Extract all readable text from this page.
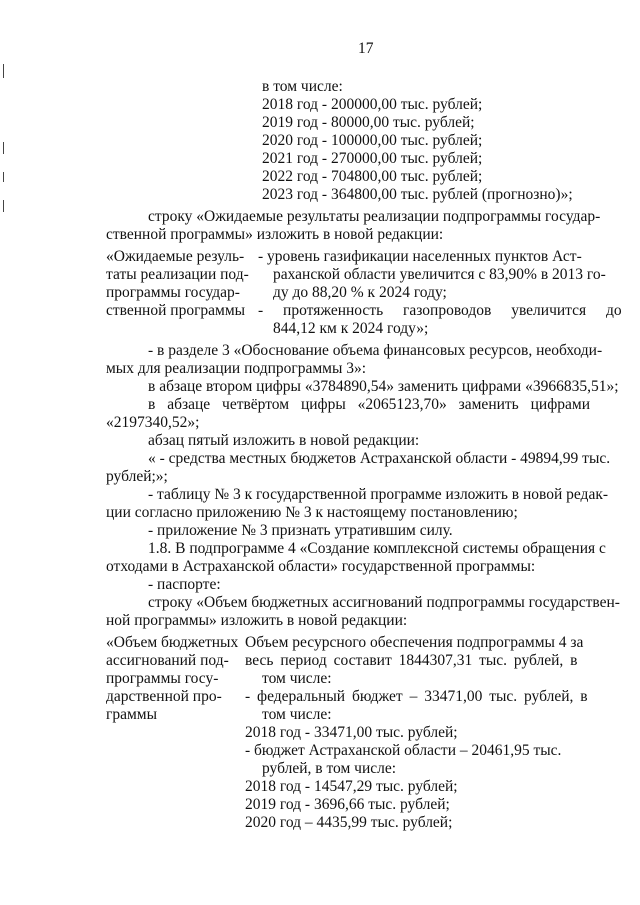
17
в том числе:
2018 год - 200000,00 тыс. рублей;
2019 год - 80000,00 тыс. рублей;
2020 год - 100000,00 тыс. рублей;
2021 год - 270000,00 тыс. рублей;
2022 год - 704800,00 тыс. рублей;
2023 год - 364800,00 тыс. рублей (прогнозно)»;
строку «Ожидаемые результаты реализации подпрограммы государ-
ственной программы» изложить в новой редакции:
«Ожидаемые резуль-
таты реализации под-
программы государ-
ственной программы
- уровень газификации населенных пунктов Аст-
раханской области увеличится с 83,90% в 2013 го-
ду до 88,20 % к 2024 году;
- протяженность газопроводов увеличится до
844,12 км к 2024 году»;
- в разделе 3 «Обоснование объема финансовых ресурсов, необходи-
мых для реализации подпрограммы 3»:
в абзаце втором цифры «3784890,54» заменить цифрами «3966835,51»;
в абзаце четвёртом цифры «2065123,70» заменить цифрами
«2197340,52»;
абзац пятый изложить в новой редакции:
« - средства местных бюджетов Астраханской области - 49894,99 тыс.
рублей;»;
- таблицу № 3 к государственной программе изложить в новой редак-
ции согласно приложению № 3 к настоящему постановлению;
- приложение № 3 признать утратившим силу.
1.8. В подпрограмме 4 «Создание комплексной системы обращения с
отходами в Астраханской области» государственной программы:
- паспорте:
строку «Объем бюджетных ассигнований подпрограммы государствен-
ной программы» изложить в новой редакции:
«Объем бюджетных
ассигнований под-
программы госу-
дарственной про-
граммы
Объем ресурсного обеспечения подпрограммы 4 за
весь период составит 1844307,31 тыс. рублей, в
том числе:
- федеральный бюджет – 33471,00 тыс. рублей, в
том числе:
2018 год - 33471,00 тыс. рублей;
- бюджет Астраханской области – 20461,95 тыс.
рублей, в том числе:
2018 год - 14547,29 тыс. рублей;
2019 год - 3696,66 тыс. рублей;
2020 год – 4435,99 тыс. рублей;
